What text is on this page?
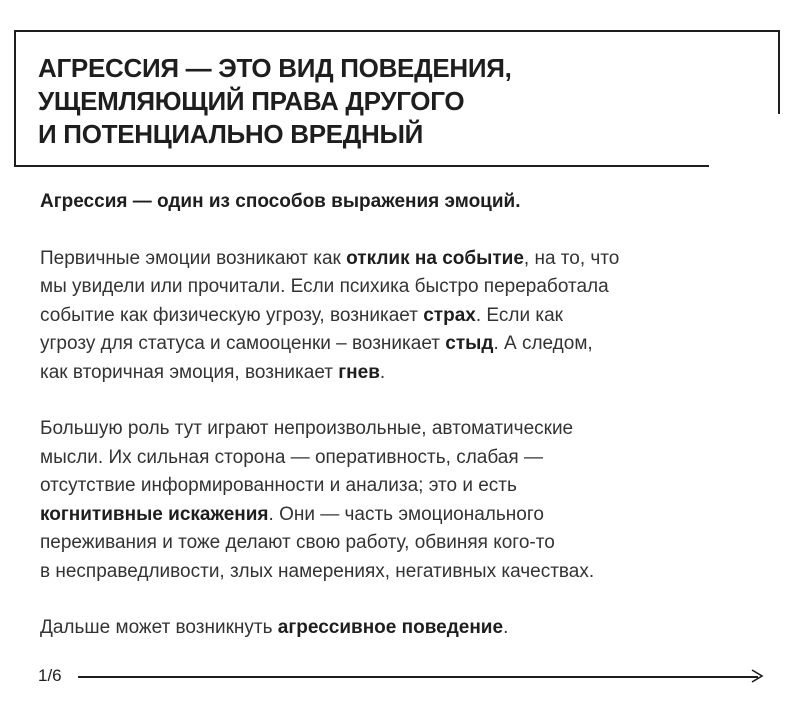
АГРЕССИЯ — ЭТО ВИД ПОВЕДЕНИЯ,
УЩЕМЛЯЮЩИЙ ПРАВА ДРУГОГО
И ПОТЕНЦИАЛЬНО ВРЕДНЫЙ

Агрессия — один из способов выражения эмоций.

Первичные эмоции возникают как отклик на событие, на то, что
мы увидели или прочитали. Если психика быстро переработала
событие как физическую угрозу, возникает страх. Если как
угрозу для статуса и самооценки – возникает стыд. А следом,
как вторичная эмоция, возникает гнев.

Большую роль тут играют непроизвольные, автоматические
мысли. Их сильная сторона — оперативность, слабая —
отсутствие информированности и анализа; это и есть
когнитивные искажения. Они — часть эмоционального
переживания и тоже делают свою работу, обвиняя кого-то
в несправедливости, злых намерениях, негативных качествах.

Дальше может возникнуть агрессивное поведение.

1/6
